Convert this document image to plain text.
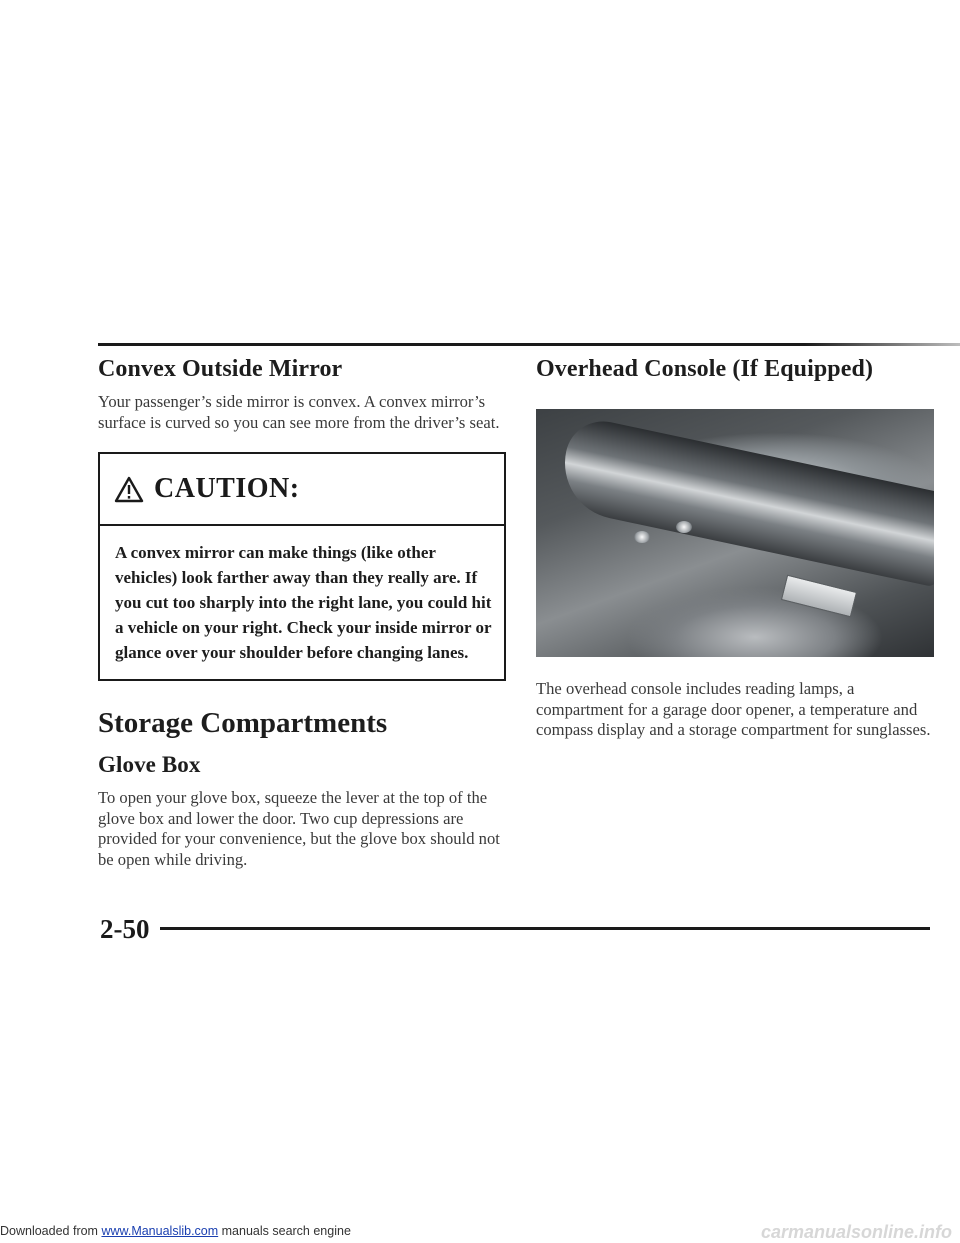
Convex Outside Mirror

Your passenger’s side mirror is convex. A convex mirror’s surface is curved so you can see more from the driver’s seat.

CAUTION:

A convex mirror can make things (like other vehicles) look farther away than they really are. If you cut too sharply into the right lane, you could hit a vehicle on your right. Check your inside mirror or glance over your shoulder before changing lanes.

Storage Compartments
Glove Box

To open your glove box, squeeze the lever at the top of the glove box and lower the door. Two cup depressions are provided for your convenience, but the glove box should not be open while driving.

Overhead Console (If Equipped)

The overhead console includes reading lamps, a compartment for a garage door opener, a temperature and compass display and a storage compartment for sunglasses.

2-50
Downloaded from www.Manualslib.com manuals search engine	carmanualsonline.info
